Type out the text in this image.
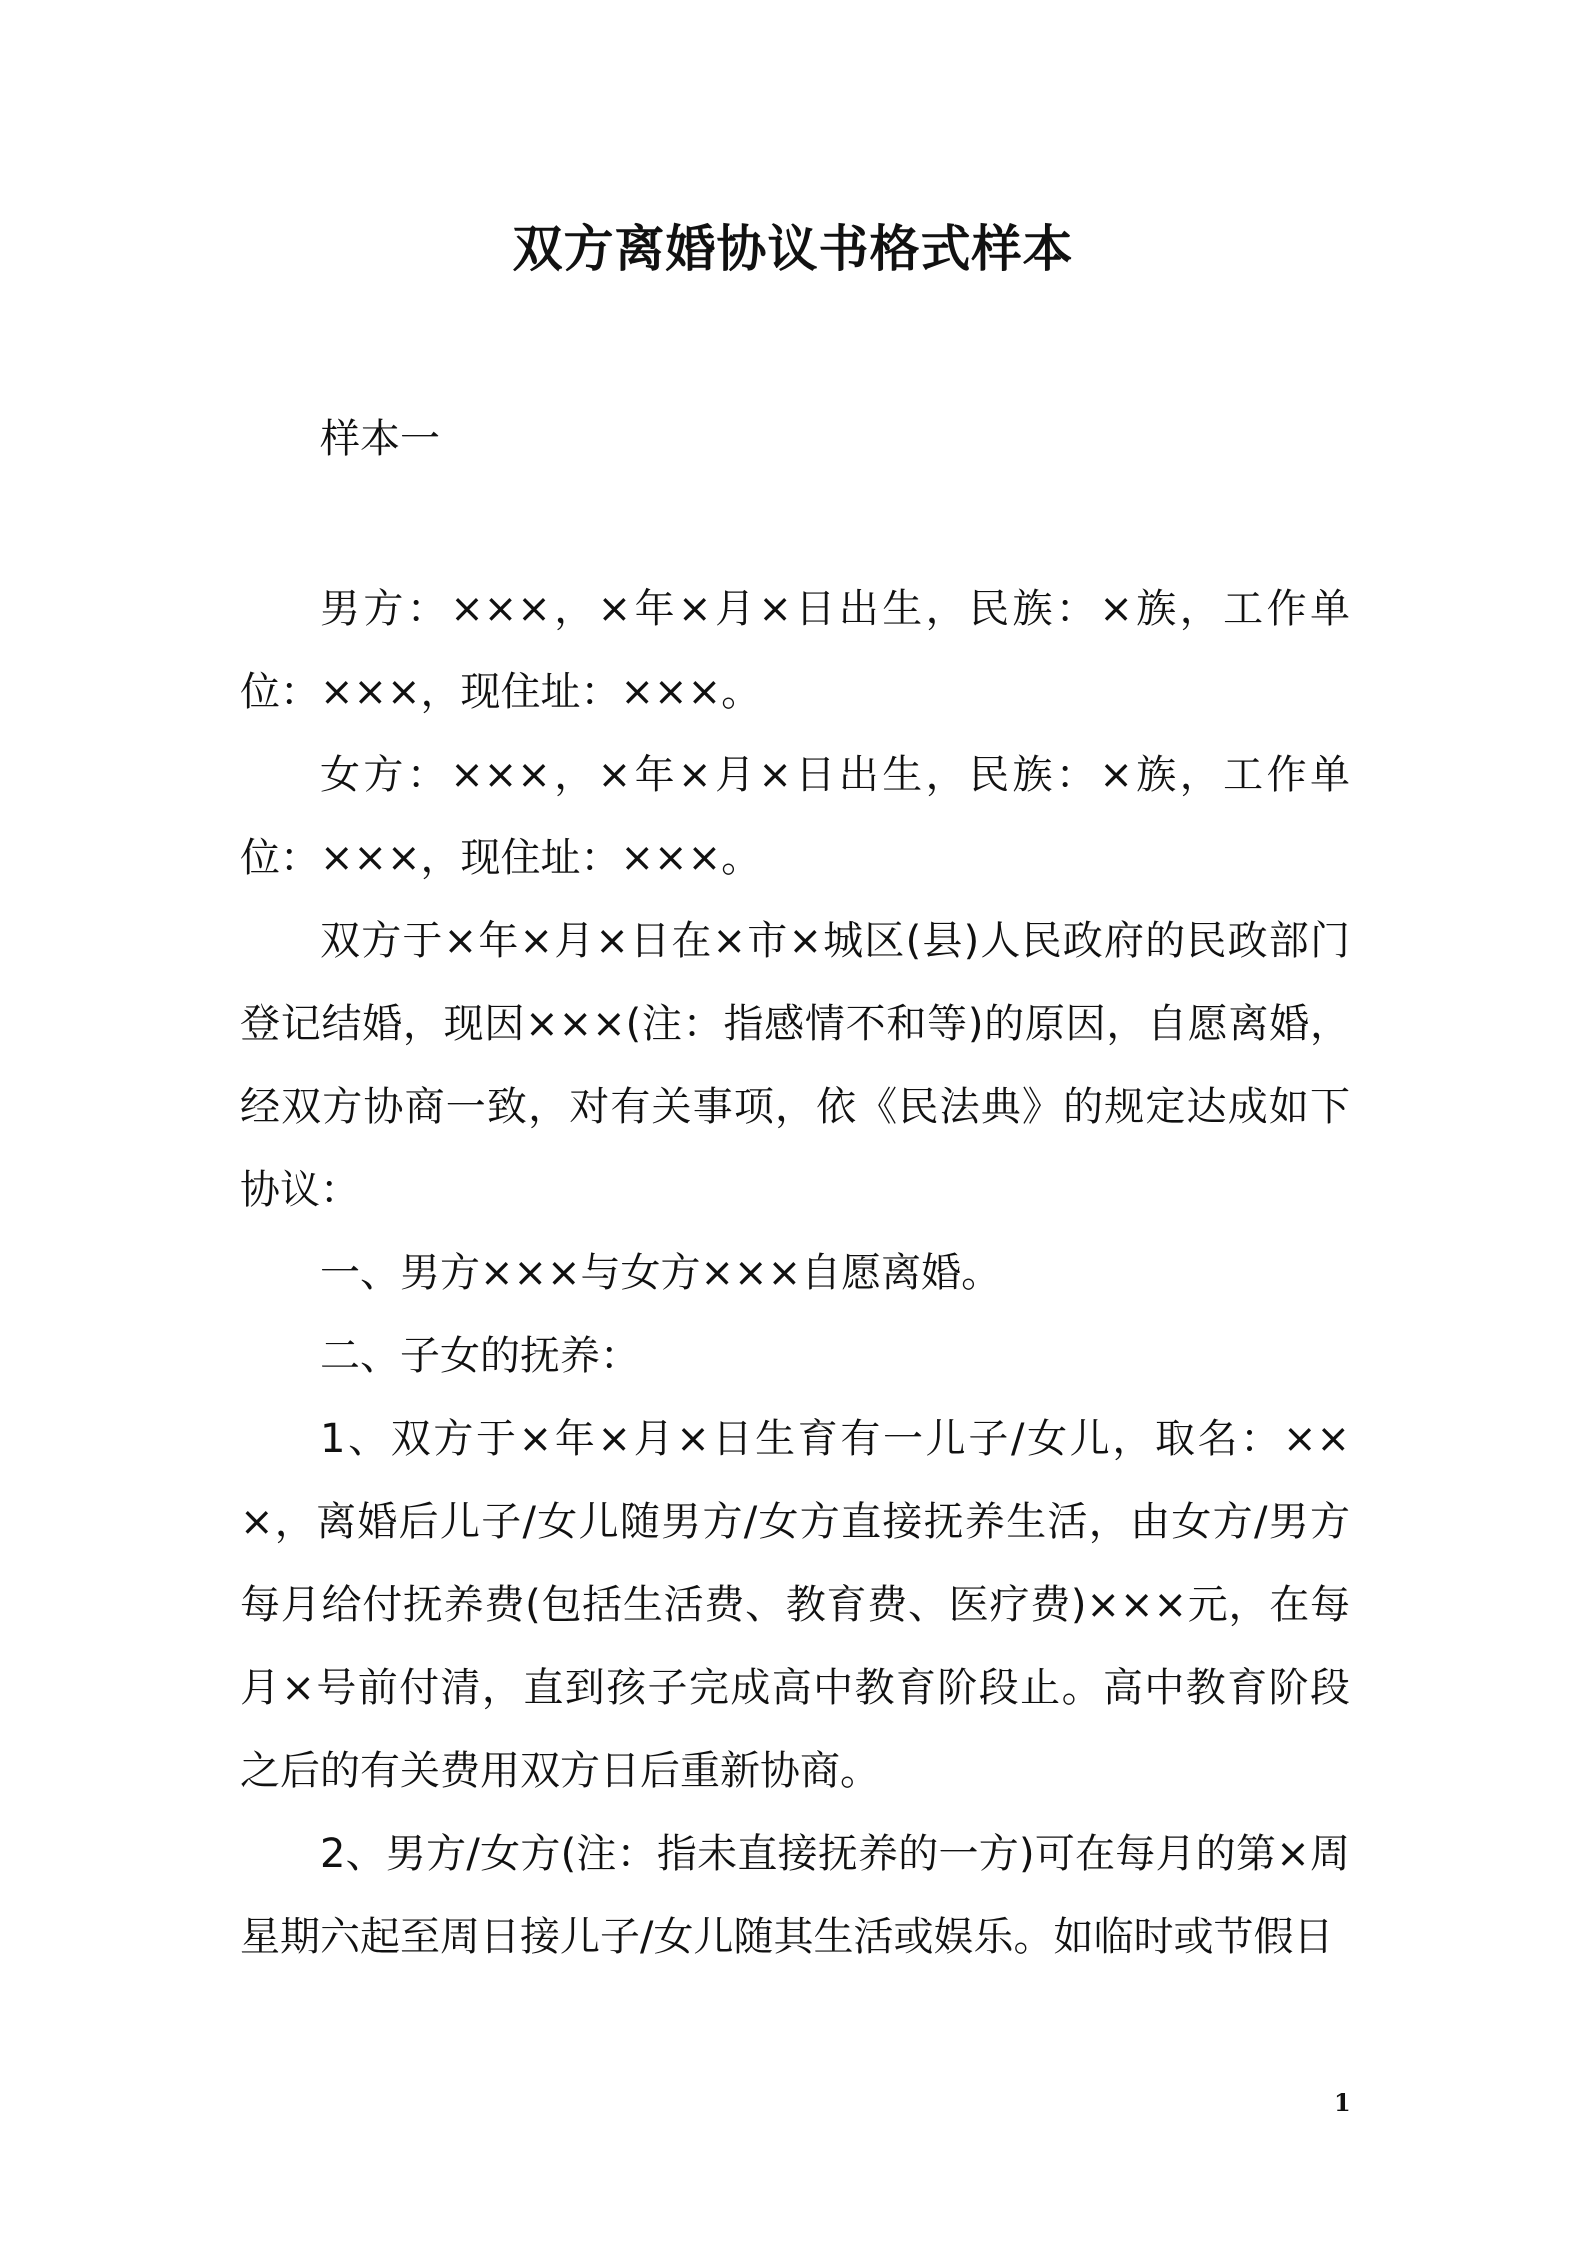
双方离婚协议书格式样本
样本一

男方：×××，×年×月×日出生，民族：×族，工作单位：×××，现住址：×××。

女方：×××，×年×月×日出生，民族：×族，工作单位：×××，现住址：×××。

双方于×年×月×日在×市×城区(县)人民政府的民政部门登记结婚，现因×××(注：指感情不和等)的原因，自愿离婚，经双方协商一致，对有关事项，依《民法典》的规定达成如下协议：

一、男方×××与女方×××自愿离婚。

二、子女的抚养：

1、双方于×年×月×日生育有一儿子/女儿，取名：×××，离婚后儿子/女儿随男方/女方直接抚养生活，由女方/男方每月给付抚养费(包括生活费、教育费、医疗费)×××元，在每月×号前付清，直到孩子完成高中教育阶段止。高中教育阶段之后的有关费用双方日后重新协商。

2、男方/女方(注：指未直接抚养的一方)可在每月的第×周星期六起至周日接儿子/女儿随其生活或娱乐。如临时或节假日

1
